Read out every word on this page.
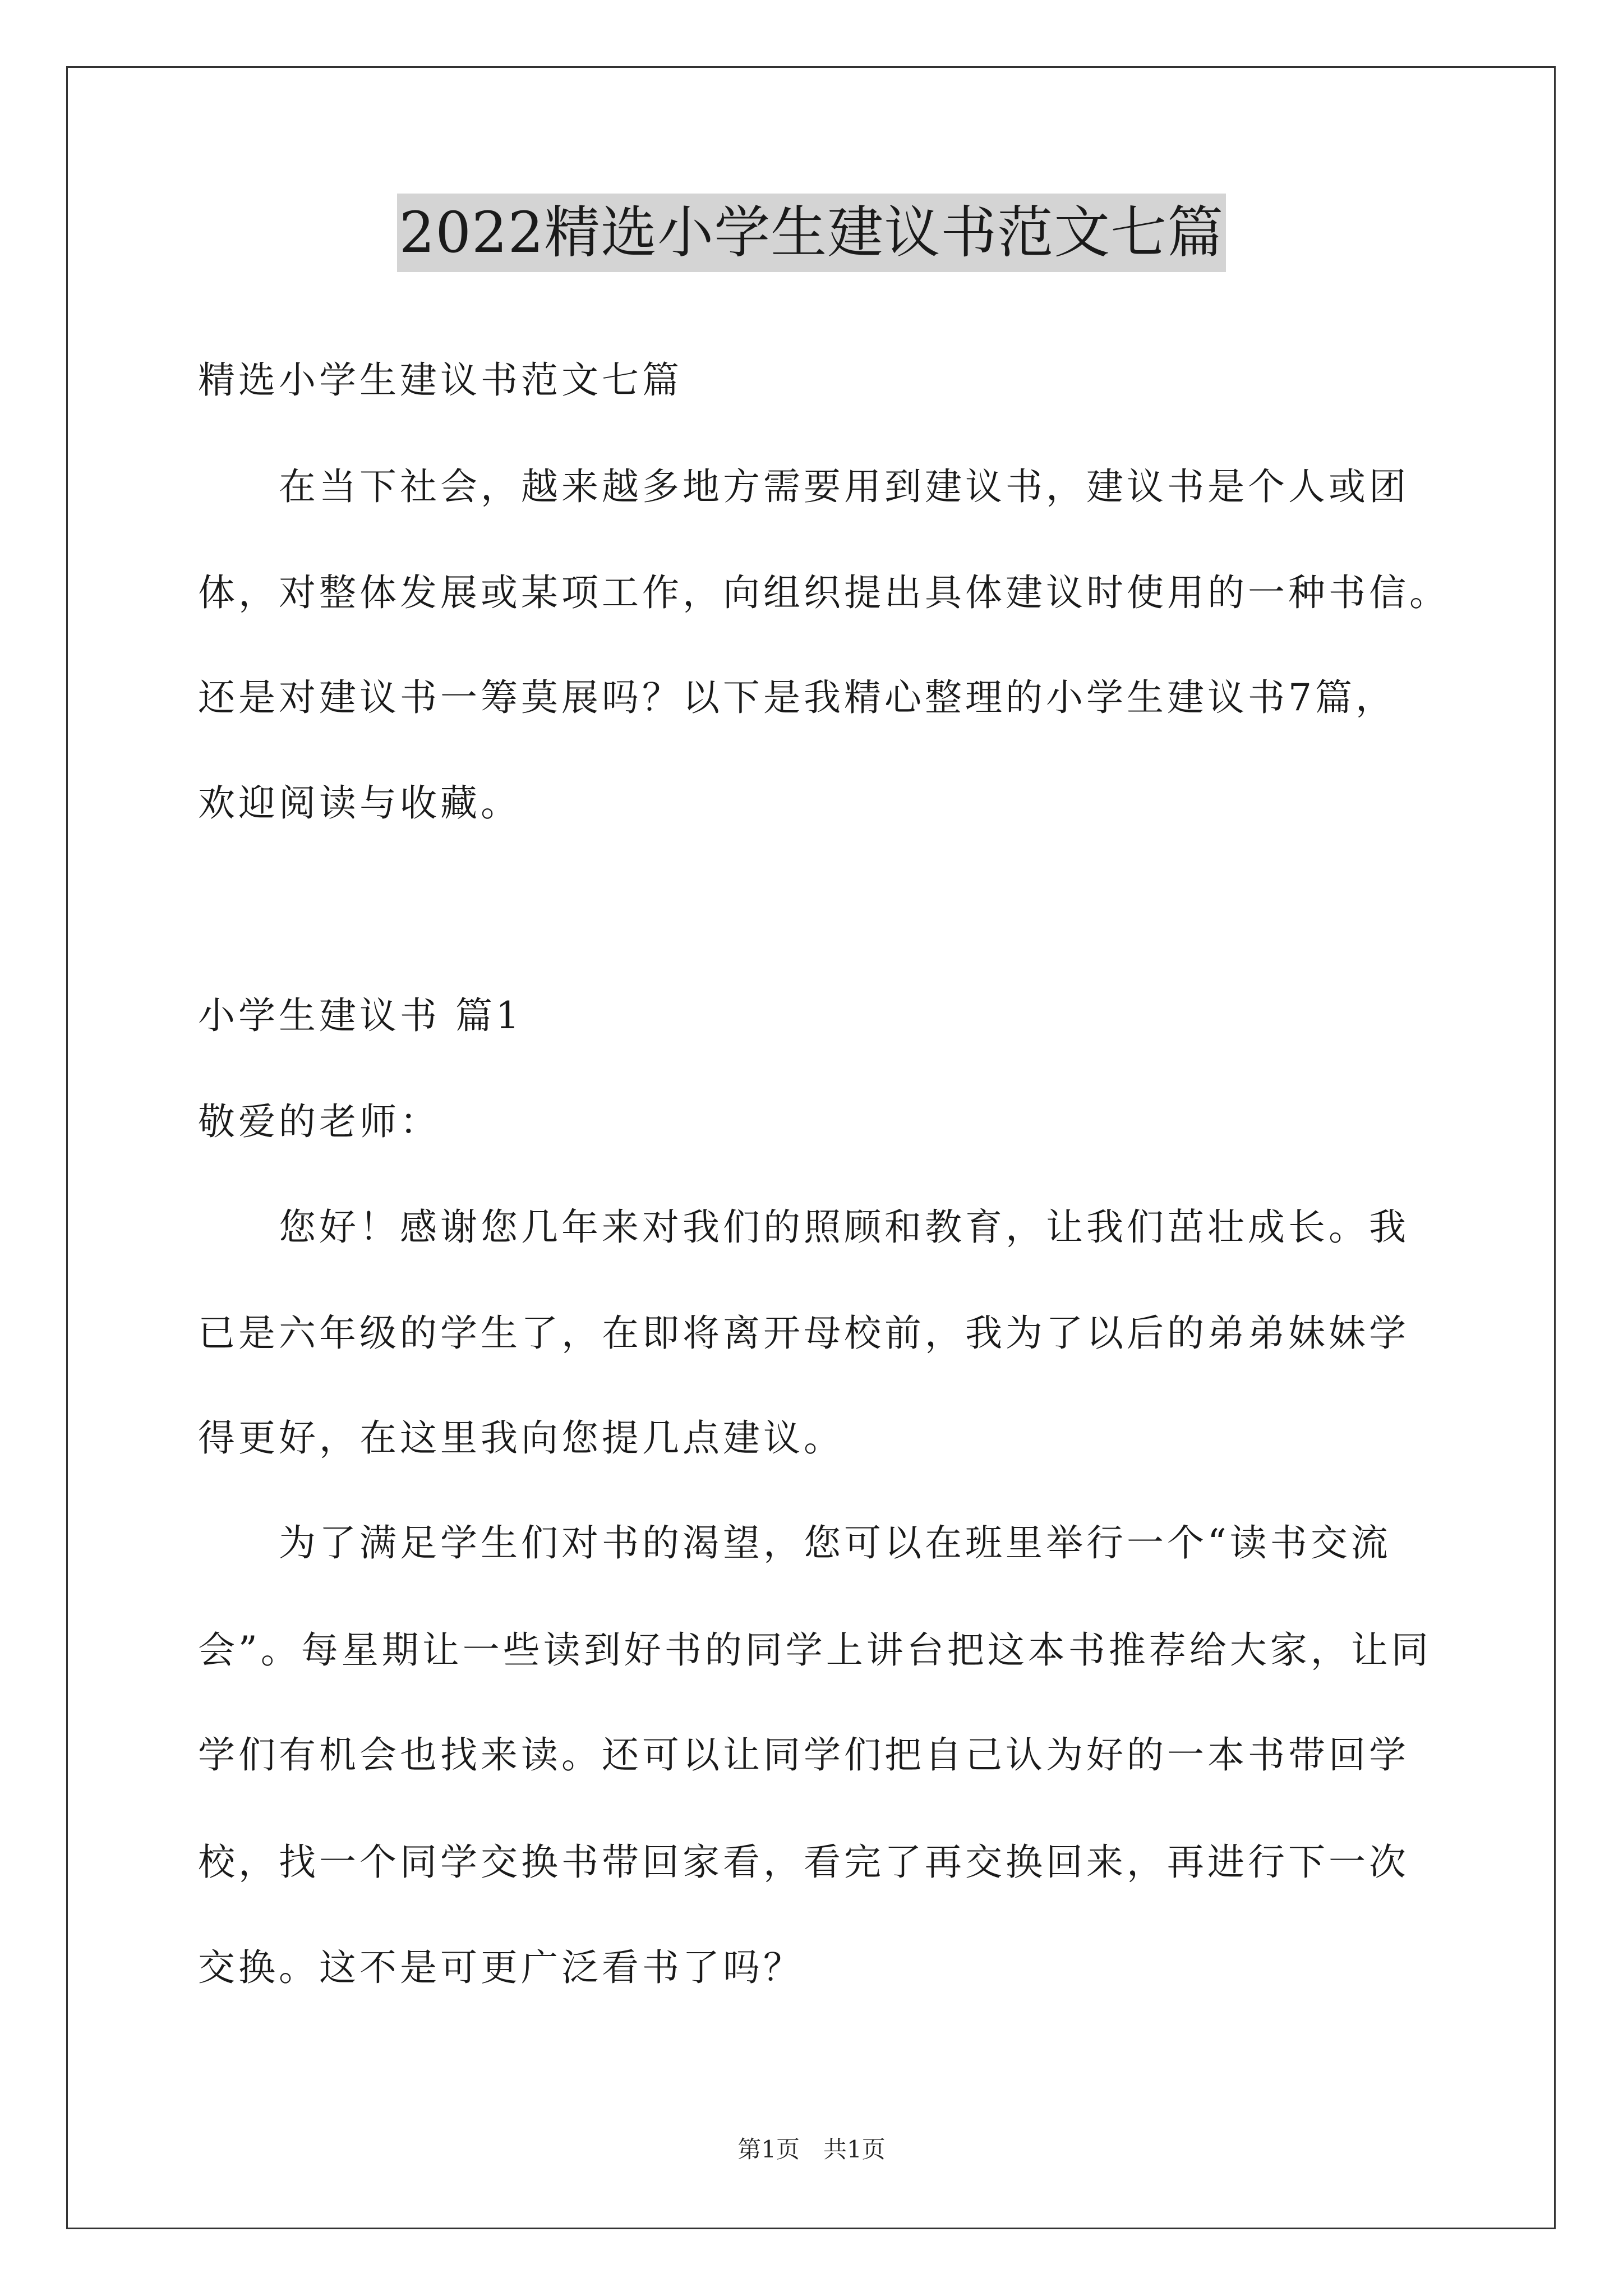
2022精选小学生建议书范文七篇
精选小学生建议书范文七篇
在当下社会，越来越多地方需要用到建议书，建议书是个人或团
体，对整体发展或某项工作，向组织提出具体建议时使用的一种书信。
还是对建议书一筹莫展吗？以下是我精心整理的小学生建议书7篇，
欢迎阅读与收藏。
小学生建议书 篇1
敬爱的老师：
您好！感谢您几年来对我们的照顾和教育，让我们茁壮成长。我
已是六年级的学生了，在即将离开母校前，我为了以后的弟弟妹妹学
得更好，在这里我向您提几点建议。
为了满足学生们对书的渴望，您可以在班里举行一个“读书交流
会”。每星期让一些读到好书的同学上讲台把这本书推荐给大家，让同
学们有机会也找来读。还可以让同学们把自己认为好的一本书带回学
校，找一个同学交换书带回家看，看完了再交换回来，再进行下一次
交换。这不是可更广泛看书了吗？
第1页　共1页
